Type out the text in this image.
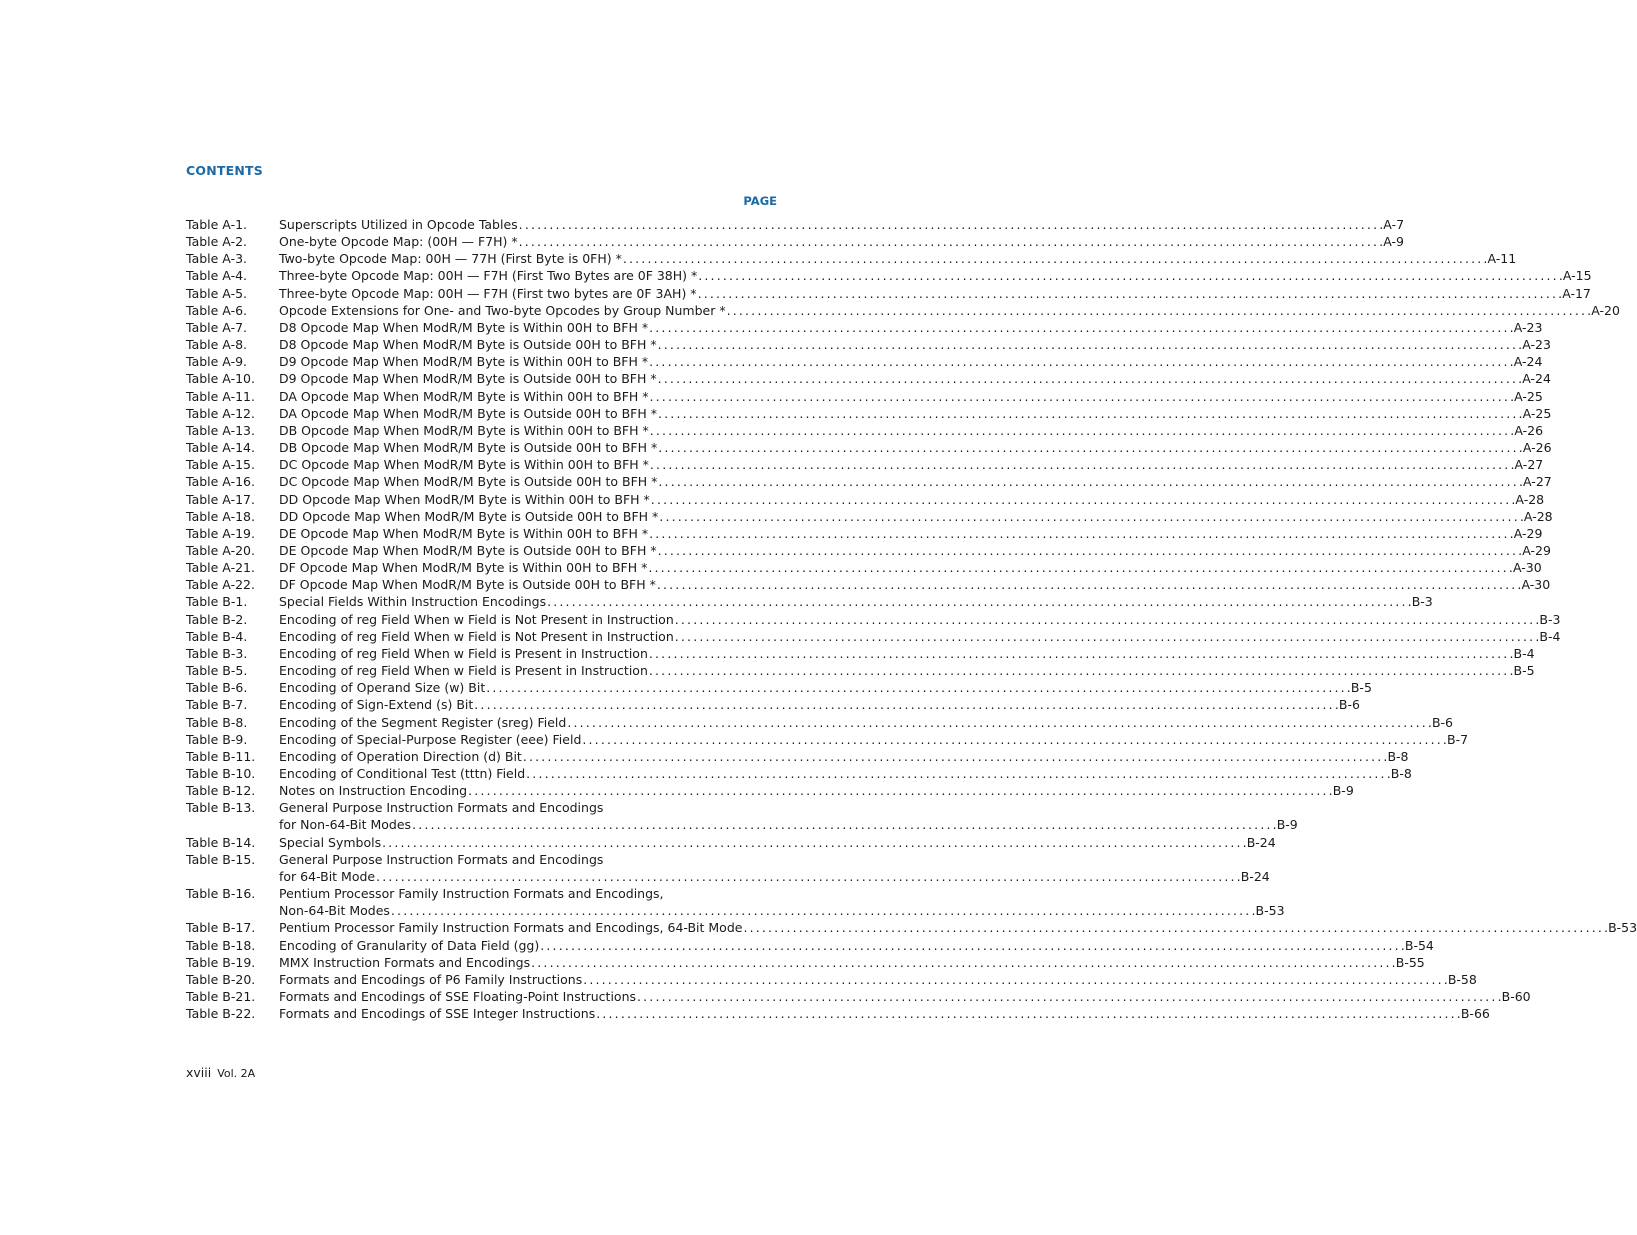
CONTENTS
PAGE
Table A-1.	Superscripts Utilized in Opcode Tables . . .	A-7
Table A-2.	One-byte Opcode Map: (00H — F7H) * . . .	A-9
Table A-3.	Two-byte Opcode Map: 00H — 77H (First Byte is 0FH) * . . .	A-11
Table A-4.	Three-byte Opcode Map: 00H — F7H (First Two Bytes are 0F 38H) * . . .	A-15
Table A-5.	Three-byte Opcode Map: 00H — F7H (First two bytes are 0F 3AH) * . . .	A-17
Table A-6.	Opcode Extensions for One- and Two-byte Opcodes by Group Number * . . .	A-20
Table A-7.	D8 Opcode Map When ModR/M Byte is Within 00H to BFH * . . .	A-23
Table A-8.	D8 Opcode Map When ModR/M Byte is Outside 00H to BFH * . . .	A-23
Table A-9.	D9 Opcode Map When ModR/M Byte is Within 00H to BFH * . . .	A-24
Table A-10.	D9 Opcode Map When ModR/M Byte is Outside 00H to BFH * . . .	A-24
Table A-11.	DA Opcode Map When ModR/M Byte is Within 00H to BFH * . . .	A-25
Table A-12.	DA Opcode Map When ModR/M Byte is Outside 00H to BFH * . . .	A-25
Table A-13.	DB Opcode Map When ModR/M Byte is Within 00H to BFH * . . .	A-26
Table A-14.	DB Opcode Map When ModR/M Byte is Outside 00H to BFH * . . .	A-26
Table A-15.	DC Opcode Map When ModR/M Byte is Within 00H to BFH * . . .	A-27
Table A-16.	DC Opcode Map When ModR/M Byte is Outside 00H to BFH * . . .	A-27
Table A-17.	DD Opcode Map When ModR/M Byte is Within 00H to BFH * . . .	A-28
Table A-18.	DD Opcode Map When ModR/M Byte is Outside 00H to BFH * . . .	A-28
Table A-19.	DE Opcode Map When ModR/M Byte is Within 00H to BFH * . . .	A-29
Table A-20.	DE Opcode Map When ModR/M Byte is Outside 00H to BFH * . . .	A-29
Table A-21.	DF Opcode Map When ModR/M Byte is Within 00H to BFH * . . .	A-30
Table A-22.	DF Opcode Map When ModR/M Byte is Outside 00H to BFH * . . .	A-30
Table B-1.	Special Fields Within Instruction Encodings . . .	B-3
Table B-2.	Encoding of reg Field When w Field is Not Present in Instruction . . .	B-3
Table B-4.	Encoding of reg Field When w Field is Not Present in Instruction . . .	B-4
Table B-3.	Encoding of reg Field When w Field is Present in Instruction . . .	B-4
Table B-5.	Encoding of reg Field When w Field is Present in Instruction . . .	B-5
Table B-6.	Encoding of Operand Size (w) Bit . . .	B-5
Table B-7.	Encoding of Sign-Extend (s) Bit . . .	B-6
Table B-8.	Encoding of the Segment Register (sreg) Field . . .	B-6
Table B-9.	Encoding of Special-Purpose Register (eee) Field . . .	B-7
Table B-11.	Encoding of Operation Direction (d) Bit . . .	B-8
Table B-10.	Encoding of Conditional Test (tttn) Field . . .	B-8
Table B-12.	Notes on Instruction Encoding . . .	B-9
Table B-13.	General Purpose Instruction Formats and Encodings
for Non-64-Bit Modes . . .	B-9
Table B-14.	Special Symbols . . .	B-24
Table B-15.	General Purpose Instruction Formats and Encodings
for 64-Bit Mode . . .	B-24
Table B-16.	Pentium Processor Family Instruction Formats and Encodings,
Non-64-Bit Modes . . .	B-53
Table B-17.	Pentium Processor Family Instruction Formats and Encodings, 64-Bit Mode . . .	B-53
Table B-18.	Encoding of Granularity of Data Field (gg) . . .	B-54
Table B-19.	MMX Instruction Formats and Encodings . . .	B-55
Table B-20.	Formats and Encodings of P6 Family Instructions . . .	B-58
Table B-21.	Formats and Encodings of SSE Floating-Point Instructions . . .	B-60
Table B-22.	Formats and Encodings of SSE Integer Instructions . . .	B-66
xviii Vol. 2A
